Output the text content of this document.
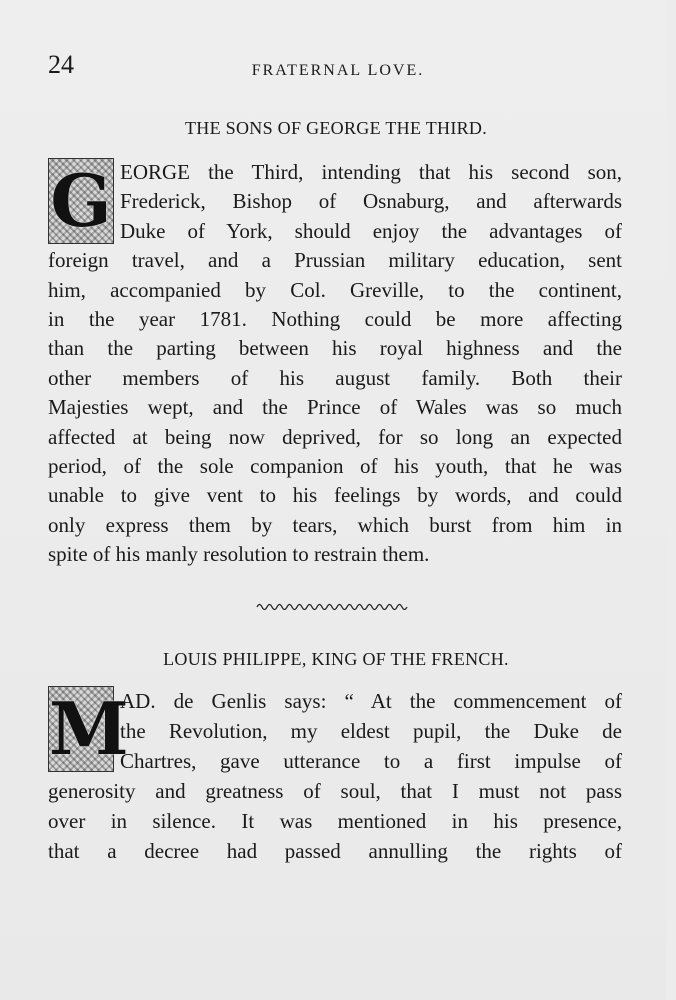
24	FRATERNAL LOVE.
THE SONS OF GEORGE THE THIRD.
G EORGE the Third, intending that his second son,
Frederick, Bishop of Osnaburg, and afterwards
Duke of York, should enjoy the advantages of
foreign travel, and a Prussian military education, sent
him, accompanied by Col. Greville, to the continent,
in the year 1781. Nothing could be more affecting
than the parting between his royal highness and the
other members of his august family. Both their
Majesties wept, and the Prince of Wales was so much
affected at being now deprived, for so long an expected
period, of the sole companion of his youth, that he was
unable to give vent to his feelings by words, and could
only express them by tears, which burst from him in
spite of his manly resolution to restrain them.
LOUIS PHILIPPE, KING OF THE FRENCH.
M
AD. de Genlis says: “ At the commencement of
the Revolution, my eldest pupil, the Duke de
Chartres, gave utterance to a first impulse of
generosity and greatness of soul, that I must not pass
over in silence. It was mentioned in his presence,
that a decree had passed annulling the rights of
